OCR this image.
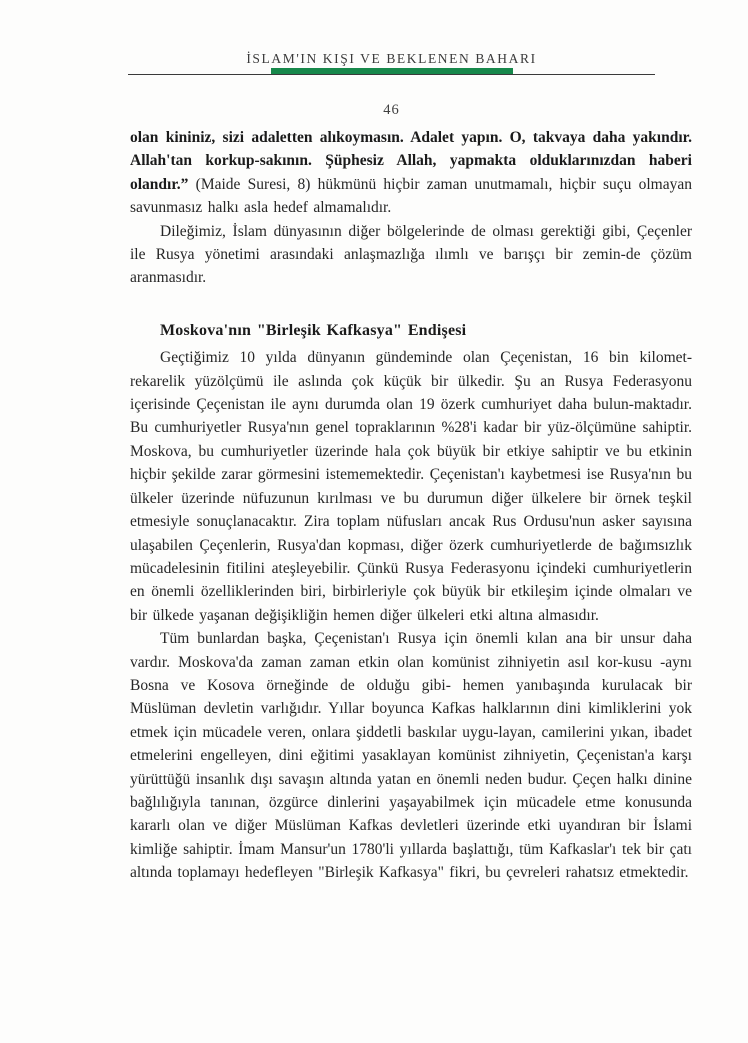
İSLAM'IN KIŞI VE BEKLENEN BAHARI
46

olan kininiz, sizi adaletten alıkoymasın. Adalet yapın. O, takvaya daha yakındır. Allah'tan korkup-sakının. Şüphesiz Allah, yapmakta olduklarınızdan haberi olandır.” (Maide Suresi, 8) hükmünü hiçbir zaman unutmamalı, hiçbir suçu olmayan savunmasız halkı asla hedef almamalıdır.

Dileğimiz, İslam dünyasının diğer bölgelerinde de olması gerektiği gibi, Çeçenler ile Rusya yönetimi arasındaki anlaşmazlığa ılımlı ve barışçı bir zemin-de çözüm aranmasıdır.

Moskova'nın "Birleşik Kafkasya" Endişesi

Geçtiğimiz 10 yılda dünyanın gündeminde olan Çeçenistan, 16 bin kilomet-rekarelik yüzölçümü ile aslında çok küçük bir ülkedir. Şu an Rusya Federasyonu içerisinde Çeçenistan ile aynı durumda olan 19 özerk cumhuriyet daha bulun-maktadır. Bu cumhuriyetler Rusya'nın genel topraklarının %28'i kadar bir yüz-ölçümüne sahiptir. Moskova, bu cumhuriyetler üzerinde hala çok büyük bir etkiye sahiptir ve bu etkinin hiçbir şekilde zarar görmesini istememektedir. Çeçenistan'ı kaybetmesi ise Rusya'nın bu ülkeler üzerinde nüfuzunun kırılması ve bu durumun diğer ülkelere bir örnek teşkil etmesiyle sonuçlanacaktır. Zira toplam nüfusları ancak Rus Ordusu'nun asker sayısına ulaşabilen Çeçenlerin, Rusya'dan kopması, diğer özerk cumhuriyetlerde de bağımsızlık mücadelesinin fitilini ateşleyebilir. Çünkü Rusya Federasyonu içindeki cumhuriyetlerin en önemli özelliklerinden biri, birbirleriyle çok büyük bir etkileşim içinde olmaları ve bir ülkede yaşanan değişikliğin hemen diğer ülkeleri etki altına almasıdır.

Tüm bunlardan başka, Çeçenistan'ı Rusya için önemli kılan ana bir unsur daha vardır. Moskova'da zaman zaman etkin olan komünist zihniyetin asıl kor-kusu -aynı Bosna ve Kosova örneğinde de olduğu gibi- hemen yanıbaşında kurulacak bir Müslüman devletin varlığıdır. Yıllar boyunca Kafkas halklarının dini kimliklerini yok etmek için mücadele veren, onlara şiddetli baskılar uygu-layan, camilerini yıkan, ibadet etmelerini engelleyen, dini eğitimi yasaklayan komünist zihniyetin, Çeçenistan'a karşı yürüttüğü insanlık dışı savaşın altında yatan en önemli neden budur. Çeçen halkı dinine bağlılığıyla tanınan, özgürce dinlerini yaşayabilmek için mücadele etme konusunda kararlı olan ve diğer Müslüman Kafkas devletleri üzerinde etki uyandıran bir İslami kimliğe sahiptir. İmam Mansur'un 1780'li yıllarda başlattığı, tüm Kafkaslar'ı tek bir çatı altında toplamayı hedefleyen "Birleşik Kafkasya" fikri, bu çevreleri rahatsız etmektedir.
